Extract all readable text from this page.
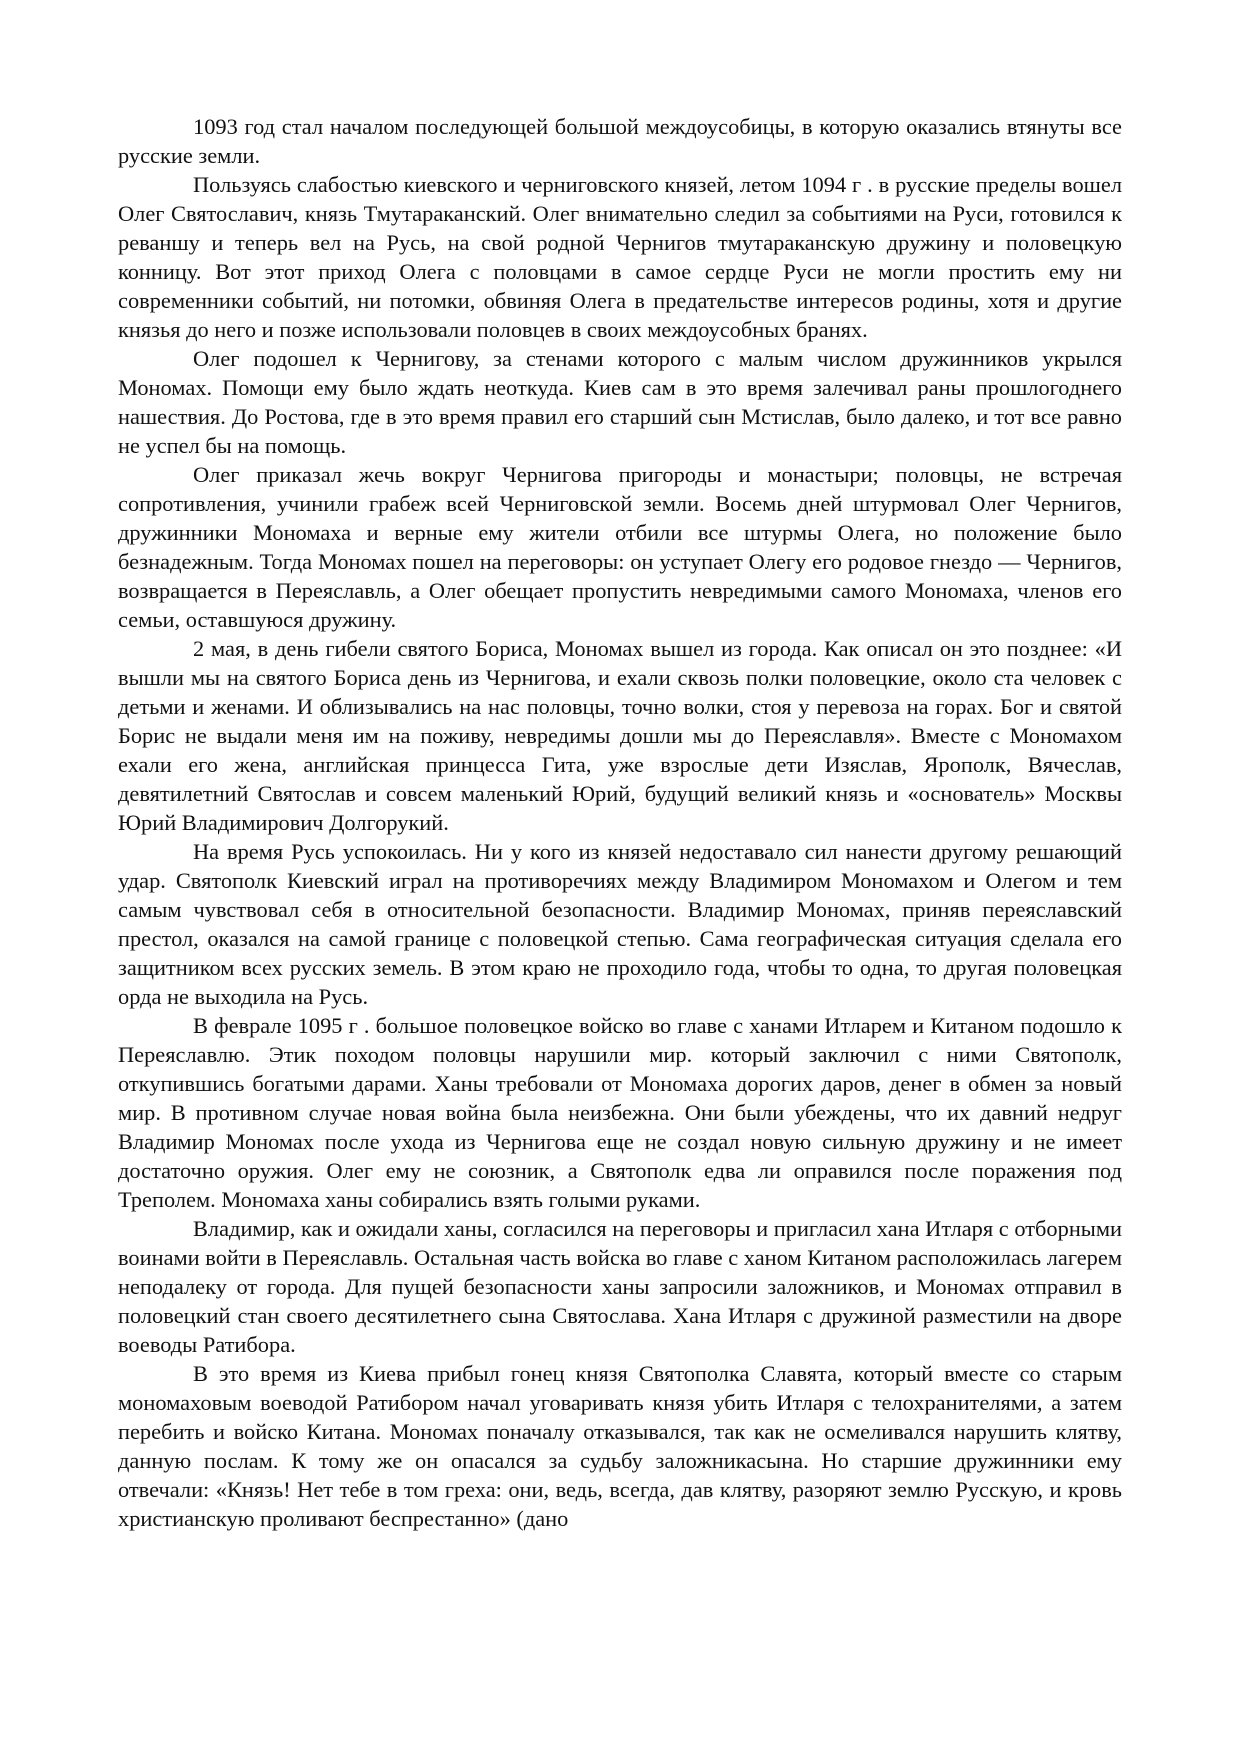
1093 год стал началом последующей большой междоусобицы, в которую оказались втянуты все русские земли.

Пользуясь слабостью киевского и черниговского князей, летом 1094 г . в русские пределы вошел Олег Святославич, князь Тмутараканский. Олег внимательно следил за событиями на Руси, готовился к реваншу и теперь вел на Русь, на свой родной Чернигов тмутараканскую дружину и половецкую конницу. Вот этот приход Олега с половцами в самое сердце Руси не могли простить ему ни современники событий, ни потомки, обвиняя Олега в предательстве интересов родины, хотя и другие князья до него и позже использовали половцев в своих междоусобных бранях.

Олег подошел к Чернигову, за стенами которого с малым числом дружинников укрылся Мономах. Помощи ему было ждать неоткуда. Киев сам в это время залечивал раны прошлогоднего нашествия. До Ростова, где в это время правил его старший сын Мстислав, было далеко, и тот все равно не успел бы на помощь.

Олег приказал жечь вокруг Чернигова пригороды и монастыри; половцы, не встречая сопротивления, учинили грабеж всей Черниговской земли. Восемь дней штурмовал Олег Чернигов, дружинники Мономаха и верные ему жители отбили все штурмы Олега, но положение было безнадежным. Тогда Мономах пошел на переговоры: он уступает Олегу его родовое гнездо — Чернигов, возвращается в Переяславль, а Олег обещает пропустить невредимыми самого Мономаха, членов его семьи, оставшуюся дружину.

2 мая, в день гибели святого Бориса, Мономах вышел из города. Как описал он это позднее: «И вышли мы на святого Бориса день из Чернигова, и ехали сквозь полки половецкие, около ста человек с детьми и женами. И облизывались на нас половцы, точно волки, стоя у перевоза на горах. Бог и святой Борис не выдали меня им на поживу, невредимы дошли мы до Переяславля». Вместе с Мономахом ехали его жена, английская принцесса Гита, уже взрослые дети Изяслав, Ярополк, Вячеслав, девятилетний Святослав и совсем маленький Юрий, будущий великий князь и «основатель» Москвы Юрий Владимирович Долгорукий.

На время Русь успокоилась. Ни у кого из князей недоставало сил нанести другому решающий удар. Святополк Киевский играл на противоречиях между Владимиром Мономахом и Олегом и тем самым чувствовал себя в относительной безопасности. Владимир Мономах, приняв переяславский престол, оказался на самой границе с половецкой степью. Сама географическая ситуация сделала его защитником всех русских земель. В этом краю не проходило года, чтобы то одна, то другая половецкая орда не выходила на Русь.

В феврале 1095 г . большое половецкое войско во главе с ханами Итларем и Китаном подошло к Переяславлю. Этик походом половцы нарушили мир. который заключил с ними Святополк, откупившись богатыми дарами. Ханы требовали от Мономаха дорогих даров, денег в обмен за новый мир. В противном случае новая война была неизбежна. Они были убеждены, что их давний недруг Владимир Мономах после ухода из Чернигова еще не создал новую сильную дружину и не имеет достаточно оружия. Олег ему не союзник, а Святополк едва ли оправился после поражения под Треполем. Мономаха ханы собирались взять голыми руками.

Владимир, как и ожидали ханы, согласился на переговоры и пригласил хана Итларя с отборными воинами войти в Переяславль. Остальная часть войска во главе с ханом Китаном расположилась лагерем неподалеку от города. Для пущей безопасности ханы запросили заложников, и Мономах отправил в половецкий стан своего десятилетнего сына Святослава. Хана Итларя с дружиной разместили на дворе воеводы Ратибора.

В это время из Киева прибыл гонец князя Святополка Славята, который вместе со старым мономаховым воеводой Ратибором начал уговаривать князя убить Итларя с телохранителями, а затем перебить и войско Китана. Мономах поначалу отказывался, так как не осмеливался нарушить клятву, данную послам. К тому же он опасался за судьбу заложникасына. Но старшие дружинники ему отвечали: «Князь! Нет тебе в том греха: они, ведь, всегда, дав клятву, разоряют землю Русскую, и кровь христианскую проливают беспрестанно» (дано
